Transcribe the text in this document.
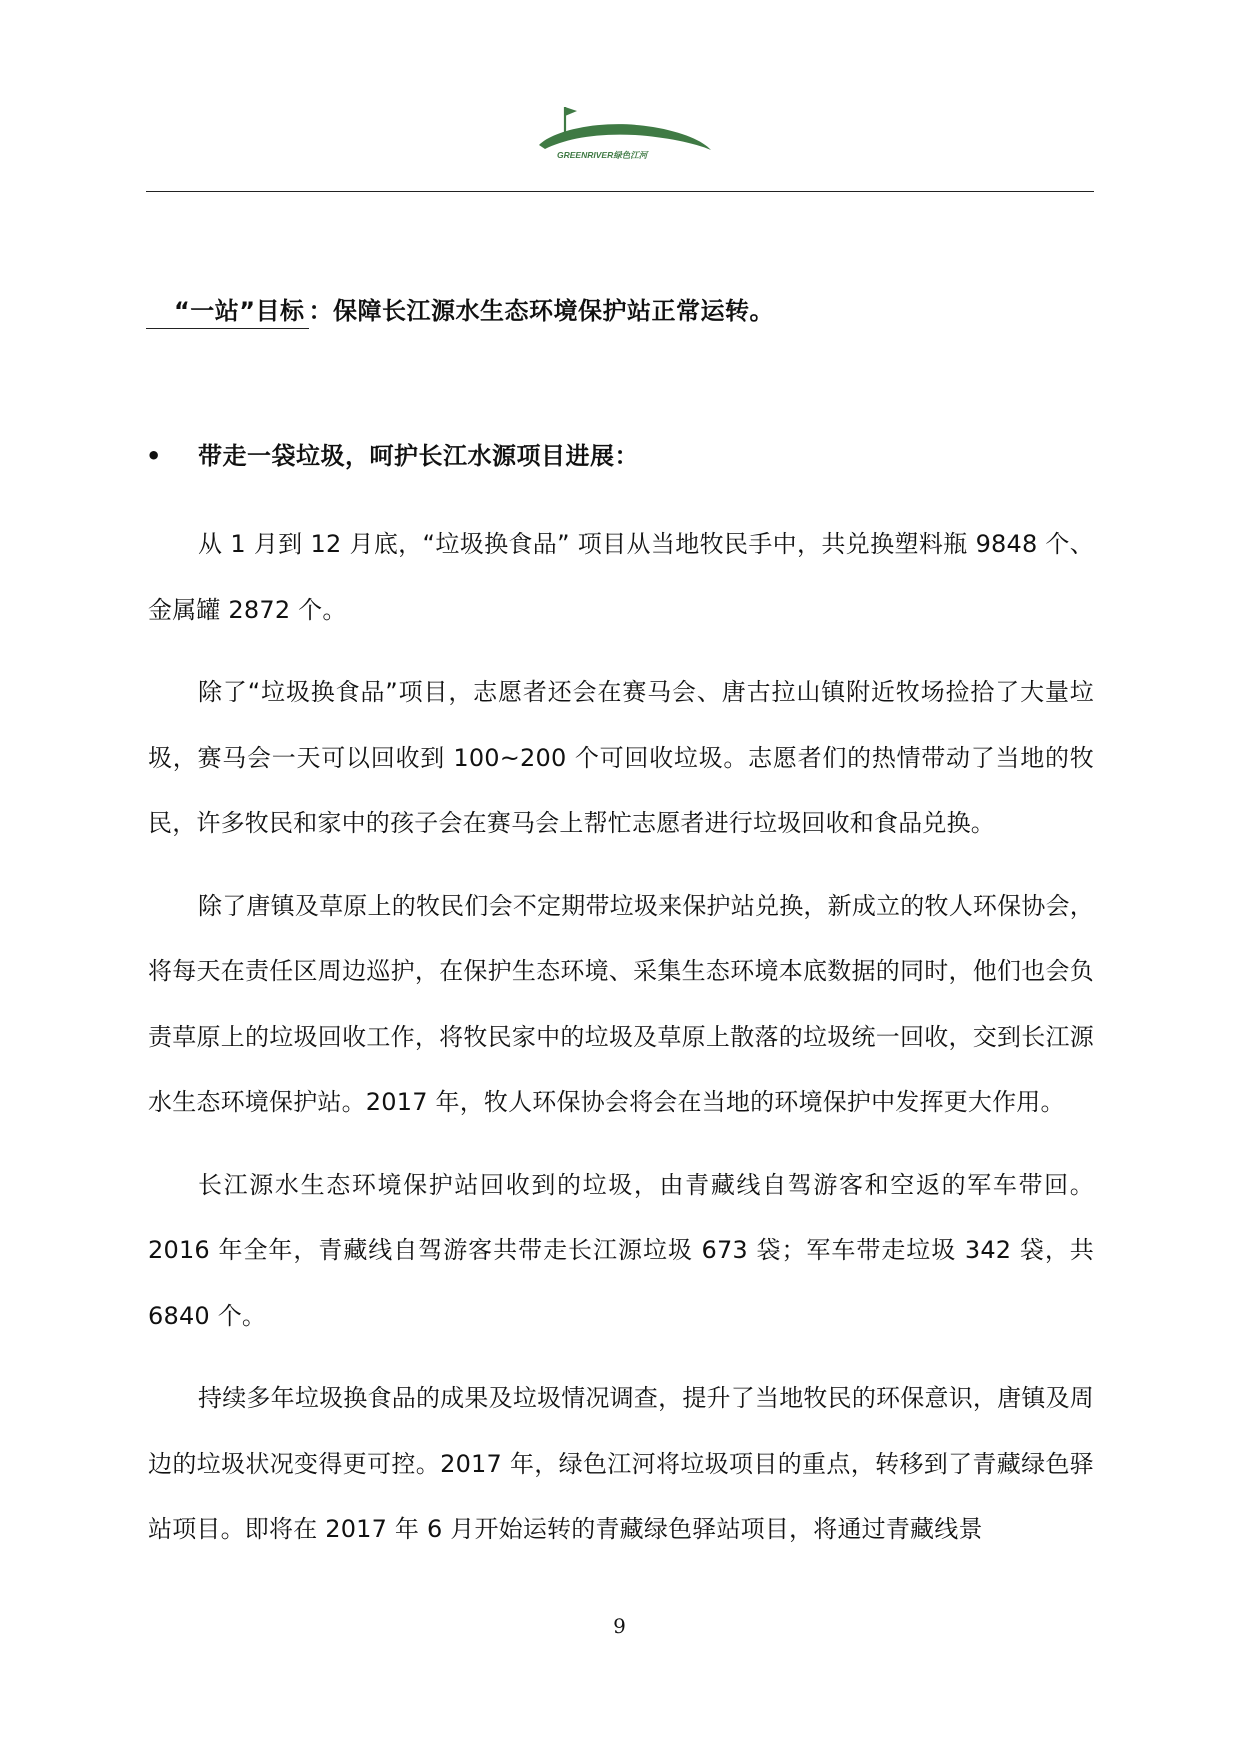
GREENRIVER绿色江河
“一站”目标 ：保障长江源水生态环境保护站正常运转。
• 带走一袋垃圾，呵护长江水源项目进展：

从 1 月到 12 月底，“垃圾换食品” 项目从当地牧民手中，共兑换塑料瓶 9848 个、金属罐 2872 个。

除了“垃圾换食品”项目，志愿者还会在赛马会、唐古拉山镇附近牧场捡拾了大量垃圾，赛马会一天可以回收到 100~200 个可回收垃圾。志愿者们的热情带动了当地的牧民，许多牧民和家中的孩子会在赛马会上帮忙志愿者进行垃圾回收和食品兑换。

除了唐镇及草原上的牧民们会不定期带垃圾来保护站兑换，新成立的牧人环保协会，将每天在责任区周边巡护，在保护生态环境、采集生态环境本底数据的同时，他们也会负责草原上的垃圾回收工作，将牧民家中的垃圾及草原上散落的垃圾统一回收，交到长江源水生态环境保护站。2017 年，牧人环保协会将会在当地的环境保护中发挥更大作用。

长江源水生态环境保护站回收到的垃圾，由青藏线自驾游客和空返的军车带回。2016 年全年，青藏线自驾游客共带走长江源垃圾 673 袋；军车带走垃圾 342 袋，共 6840 个。

持续多年垃圾换食品的成果及垃圾情况调查，提升了当地牧民的环保意识，唐镇及周边的垃圾状况变得更可控。2017 年，绿色江河将垃圾项目的重点，转移到了青藏绿色驿站项目。即将在 2017 年 6 月开始运转的青藏绿色驿站项目，将通过青藏线景

9
